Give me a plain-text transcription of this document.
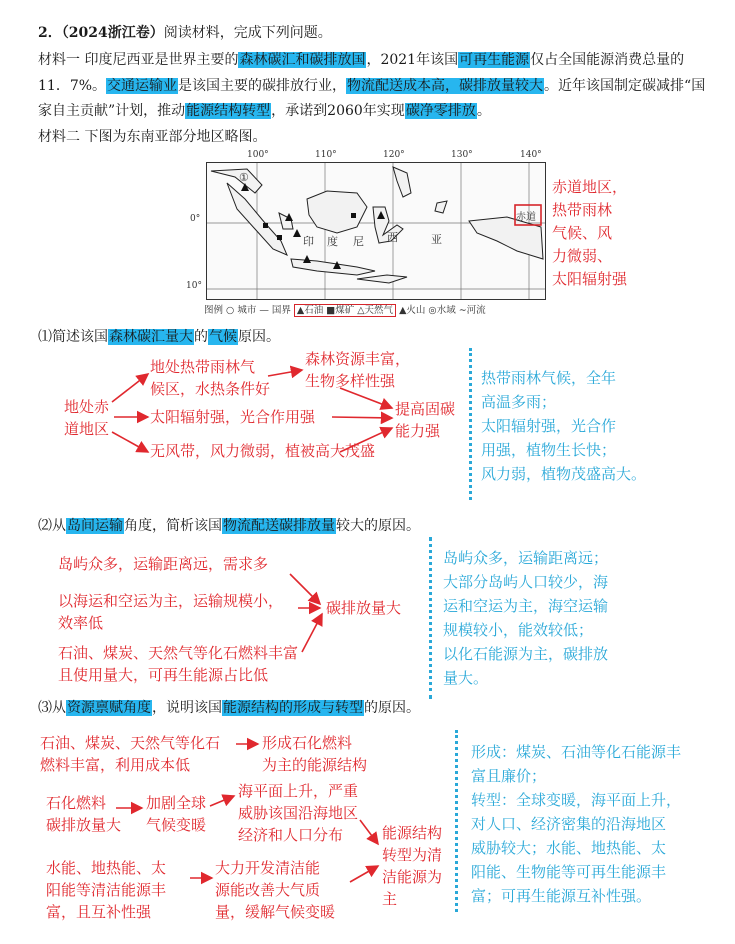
2．（2024浙江卷）阅读材料，完成下列问题。
材料一 印度尼西亚是世界主要的森林碳汇和碳排放国，2021年该国可再生能源仅占全国能源消费总量的
11．7%。交通运输业是该国主要的碳排放行业，物流配送成本高，碳排放量较大。近年该国制定碳减排“国
家自主贡献”计划，推动能源结构转型，承诺到2060年实现碳净零排放。
材料二 下图为东南亚部分地区略图。
100°	110°	120°	130°	140°
0°
10°
①
印 度 尼 西	亚
赤道
图例 ○ 城市 — 国界 ▲石油 ■煤矿 △天然气 ▲火山 ◎水域 ∼河流
赤道地区，
热带雨林
气候、风
力微弱、
太阳辐射强
⑴简述该国森林碳汇量大的气候原因。
地处赤
道地区
地处热带雨林气
候区，水热条件好
太阳辐射强，光合作用强
无风带，风力微弱，植被高大茂盛
森林资源丰富，
生物多样性强
提高固碳
能力强
热带雨林气候，全年
高温多雨；
太阳辐射强，光合作
用强，植物生长快；
风力弱，植物茂盛高大。
⑵从岛间运输角度，简析该国物流配送碳排放量较大的原因。
岛屿众多，运输距离远，需求多
以海运和空运为主，运输规模小，
效率低
石油、煤炭、天然气等化石燃料丰富
且使用量大，可再生能源占比低
碳排放量大
岛屿众多，运输距离远；
大部分岛屿人口较少，海
运和空运为主，海空运输
规模较小，能效较低；
以化石能源为主，碳排放
量大。
⑶从资源禀赋角度，说明该国能源结构的形成与转型的原因。
石油、煤炭、天然气等化石
燃料丰富，利用成本低
形成石化燃料
为主的能源结构
石化燃料
碳排放量大
加剧全球
气候变暖
海平面上升，严重
威胁该国沿海地区
经济和人口分布
水能、地热能、太
阳能等清洁能源丰
富，且互补性强
大力开发清洁能
源能改善大气质
量，缓解气候变暖
能源结构
转型为清
洁能源为
主
形成：煤炭、石油等化石能源丰
富且廉价；
转型：全球变暖，海平面上升，
对人口、经济密集的沿海地区
威胁较大；水能、地热能、太
阳能、生物能等可再生能源丰
富；可再生能源互补性强。
